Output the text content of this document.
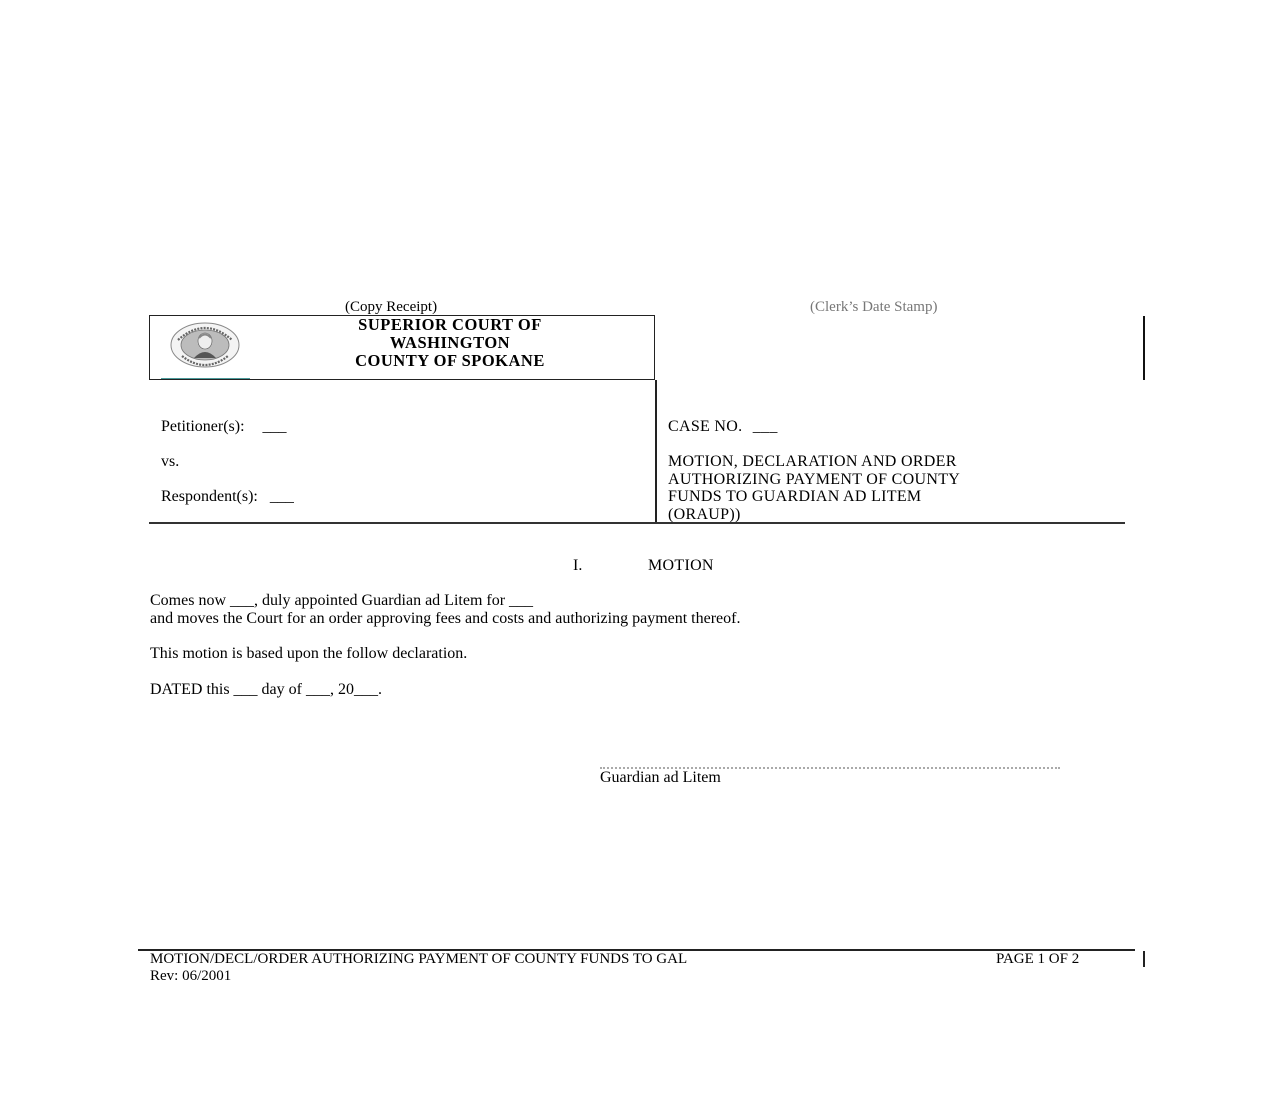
(Copy Receipt)	(Clerk’s Date Stamp)
SUPERIOR COURT OF
WASHINGTON
COUNTY OF SPOKANE
Petitioner(s): ___
vs.
Respondent(s): ___
CASE NO. ___
MOTION, DECLARATION AND ORDER
AUTHORIZING PAYMENT OF COUNTY
FUNDS TO GUARDIAN AD LITEM
(ORAUP))
I.	MOTION
Comes now ___, duly appointed Guardian ad Litem for ___
and moves the Court for an order approving fees and costs and authorizing payment thereof.
This motion is based upon the follow declaration.
DATED this ___ day of ___, 20___.
Guardian ad Litem
MOTION/DECL/ORDER AUTHORIZING PAYMENT OF COUNTY FUNDS TO GAL	PAGE 1 OF 2
Rev: 06/2001
